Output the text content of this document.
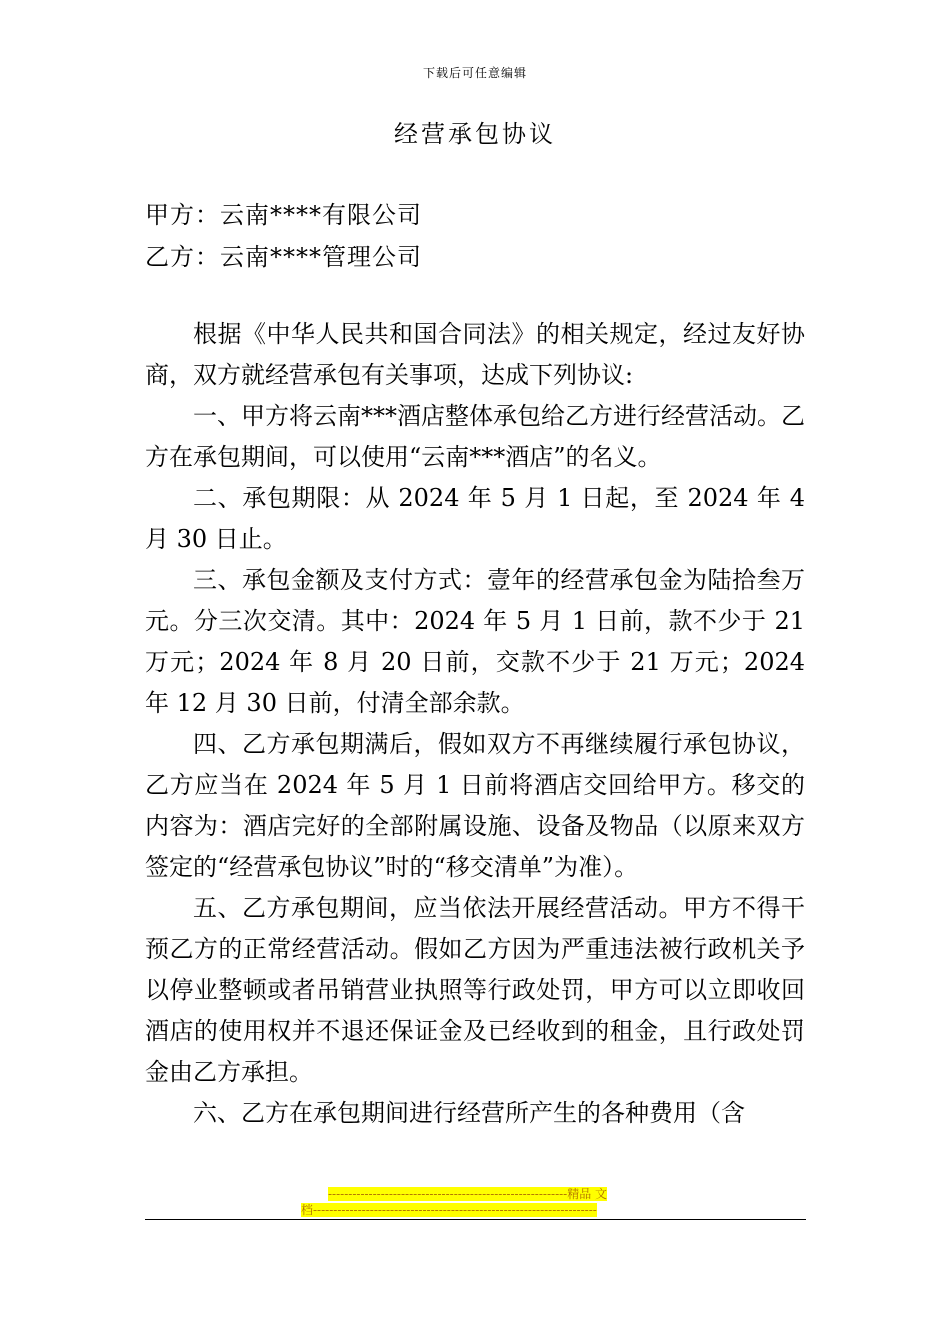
下载后可任意编辑
经营承包协议
甲方：云南****有限公司
乙方：云南****管理公司

根据《中华人民共和国合同法》的相关规定，经过友好协商，双方就经营承包有关事项，达成下列协议:

一、甲方将云南***酒店整体承包给乙方进行经营活动。乙方在承包期间，可以使用“云南***酒店”的名义。

二、承包期限：从 2024 年 5 月 1 日起，至 2024 年 4 月 30 日止。

三、承包金额及支付方式：壹年的经营承包金为陆拾叁万元。分三次交清。其中：2024 年 5 月 1 日前，款不少于 21 万元；2024 年 8 月 20 日前，交款不少于 21 万元；2024 年 12 月 30 日前，付清全部余款。

四、乙方承包期满后，假如双方不再继续履行承包协议，乙方应当在 2024 年 5 月 1 日前将酒店交回给甲方。移交的内容为：酒店完好的全部附属设施、设备及物品（以原来双方签定的“经营承包协议”时的“移交清单”为准）。

五、乙方承包期间，应当依法开展经营活动。甲方不得干预乙方的正常经营活动。假如乙方因为严重违法被行政机关予以停业整顿或者吊销营业执照等行政处罚，甲方可以立即收回酒店的使用权并不退还保证金及已经收到的租金，且行政处罚金由乙方承担。

六、乙方在承包期间进行经营所产生的各种费用（含

-----------------------------------------------------------精品 文
档----------------------------------------------------------------------
